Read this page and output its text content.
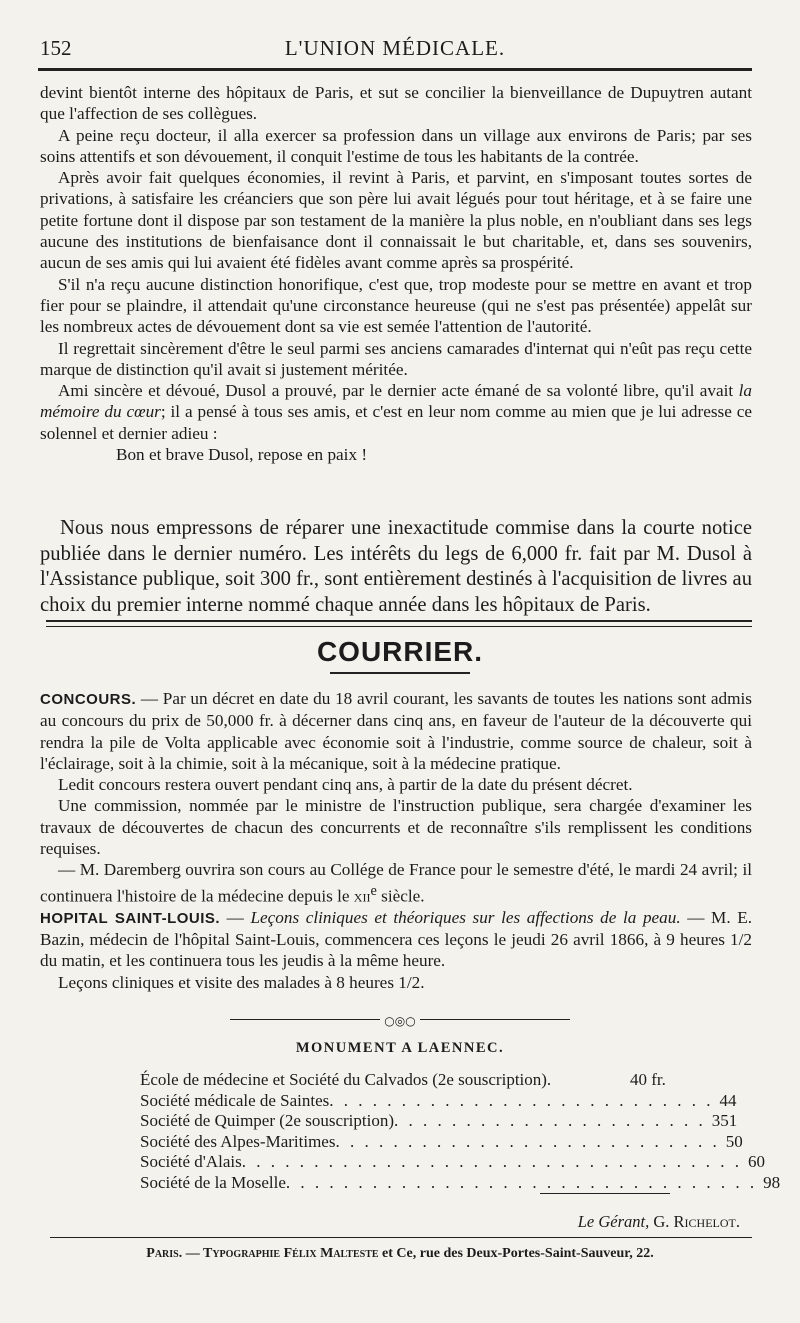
152	L'UNION MÉDICALE.

devint bientôt interne des hôpitaux de Paris, et sut se concilier la bienveillance de Dupuytren autant que l'affection de ses collègues.

A peine reçu docteur, il alla exercer sa profession dans un village aux environs de Paris; par ses soins attentifs et son dévouement, il conquit l'estime de tous les habitants de la contrée.

Après avoir fait quelques économies, il revint à Paris, et parvint, en s'imposant toutes sortes de privations, à satisfaire les créanciers que son père lui avait légués pour tout héritage, et à se faire une petite fortune dont il dispose par son testament de la manière la plus noble, en n'oubliant dans ses legs aucune des institutions de bienfaisance dont il connaissait le but charitable, et, dans ses souvenirs, aucun de ses amis qui lui avaient été fidèles avant comme après sa prospérité.

S'il n'a reçu aucune distinction honorifique, c'est que, trop modeste pour se mettre en avant et trop fier pour se plaindre, il attendait qu'une circonstance heureuse (qui ne s'est pas présentée) appelât sur les nombreux actes de dévouement dont sa vie est semée l'attention de l'autorité.

Il regrettait sincèrement d'être le seul parmi ses anciens camarades d'internat qui n'eût pas reçu cette marque de distinction qu'il avait si justement méritée.

Ami sincère et dévoué, Dusol a prouvé, par le dernier acte émané de sa volonté libre, qu'il avait la mémoire du cœur; il a pensé à tous ses amis, et c'est en leur nom comme au mien que je lui adresse ce solennel et dernier adieu :

Bon et brave Dusol, repose en paix !

Nous nous empressons de réparer une inexactitude commise dans la courte notice publiée dans le dernier numéro. Les intérêts du legs de 6,000 fr. fait par M. Dusol à l'Assistance publique, soit 300 fr., sont entièrement destinés à l'acquisition de livres au choix du premier interne nommé chaque année dans les hôpitaux de Paris.

COURRIER.

CONCOURS. — Par un décret en date du 18 avril courant, les savants de toutes les nations sont admis au concours du prix de 50,000 fr. à décerner dans cinq ans, en faveur de l'auteur de la découverte qui rendra la pile de Volta applicable avec économie soit à l'industrie, comme source de chaleur, soit à l'éclairage, soit à la chimie, soit à la mécanique, soit à la médecine pratique.

Ledit concours restera ouvert pendant cinq ans, à partir de la date du présent décret.

Une commission, nommée par le ministre de l'instruction publique, sera chargée d'examiner les travaux de découvertes de chacun des concurrents et de reconnaître s'ils remplissent les conditions requises.

— M. Daremberg ouvrira son cours au Collége de France pour le semestre d'été, le mardi 24 avril; il continuera l'histoire de la médecine depuis le xii$^e$ siècle.

HOPITAL SAINT-LOUIS. — Leçons cliniques et théoriques sur les affections de la peau. — M. E. Bazin, médecin de l'hôpital Saint-Louis, commencera ces leçons le jeudi 26 avril 1866, à 9 heures 1/2 du matin, et les continuera tous les jeudis à la même heure.

Leçons cliniques et visite des malades à 8 heures 1/2.

○◎○
MONUMENT A LAENNEC.
École de médecine et Société du Calvados (2e souscription).	40 fr.
Société médicale de Saintes . . . . . . . . . . . . . . . . . . . . . . . . . . . 44
Société de Quimper (2e souscription) . . . . . . . . . . . . . . . . . . . . . . 351
Société des Alpes-Maritimes . . . . . . . . . . . . . . . . . . . . . . . . . . . 50
Société d'Alais . . . . . . . . . . . . . . . . . . . . . . . . . . . . . . . . . . . 60
Société de la Moselle . . . . . . . . . . . . . . . . . . . . . . . . . . . . . . . . . 98
Le Gérant, G. Richelot.
Paris. — Typographie Félix Malteste et Ce, rue des Deux-Portes-Saint-Sauveur, 22.
